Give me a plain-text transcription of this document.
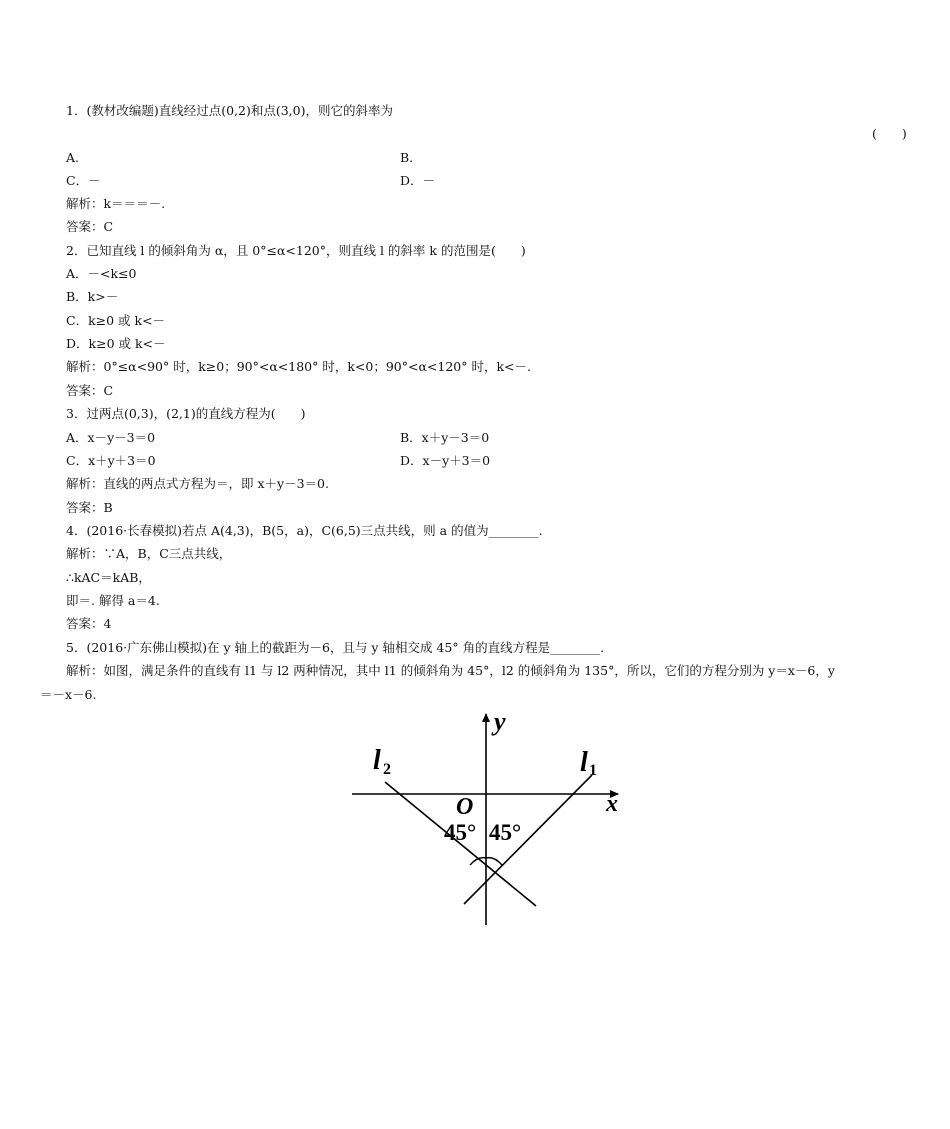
1．(教材改编题)直线经过点(0,2)和点(3,0)，则它的斜率为
(　　)
A.	B.
C．－	D．－
解析：k＝＝＝－.
答案：C
2．已知直线 l 的倾斜角为 α，且 0°≤α<120°，则直线 l 的斜率 k 的范围是(　　)
A．－<k≤0
B．k>－
C．k≥0 或 k<－
D．k≥0 或 k<－
解析：0°≤α<90° 时，k≥0；90°<α<180° 时，k<0；90°<α<120° 时，k<－.
答案：C
3．过两点(0,3)，(2,1)的直线方程为(　　)
A．x－y－3＝0	B．x＋y－3＝0
C．x＋y＋3＝0	D．x－y＋3＝0
解析：直线的两点式方程为＝，即 x＋y－3＝0.
答案：B
4．(2016·长春模拟)若点 A(4,3)，B(5，a)，C(6,5)三点共线，则 a 的值为________.
解析：∵A，B，C三点共线，
∴kAC＝kAB，
即＝. 解得 a＝4.
答案：4
5．(2016·广东佛山模拟)在 y 轴上的截距为－6，且与 y 轴相交成 45° 角的直线方程是________.
解析：如图，满足条件的直线有 l1 与 l2 两种情况，其中 l1 的倾斜角为 45°，l2 的倾斜角为 135°，所以，它们的方程分别为 y＝x－6，y
＝－x－6.
y
x
O
l 2	l 1
45° 45°
